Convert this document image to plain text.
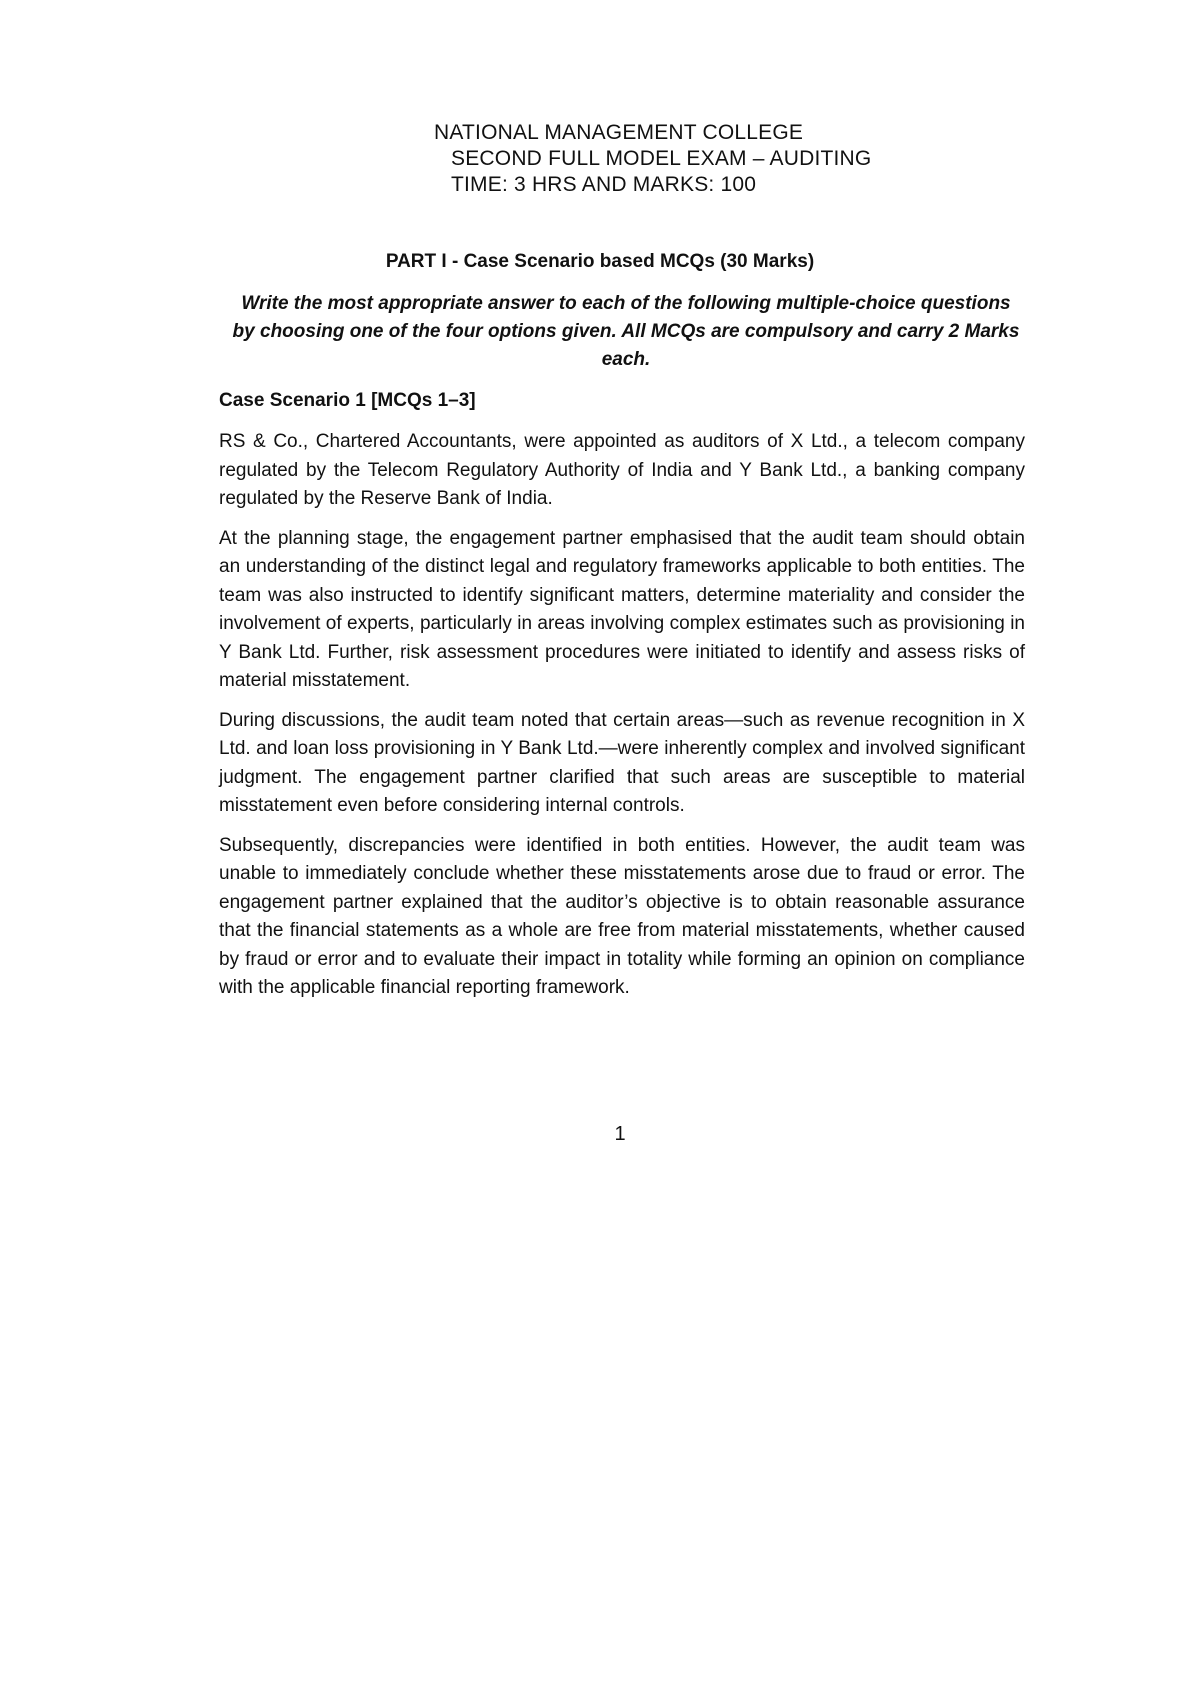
NATIONAL MANAGEMENT COLLEGE
SECOND FULL MODEL EXAM – AUDITING
TIME: 3 HRS AND MARKS: 100
PART I - Case Scenario based MCQs (30 Marks)
Write the most appropriate answer to each of the following multiple-choice questions by choosing one of the four options given. All MCQs are compulsory and carry 2 Marks each.
Case Scenario 1 [MCQs 1–3]

RS & Co., Chartered Accountants, were appointed as auditors of X Ltd., a telecom company regulated by the Telecom Regulatory Authority of India and Y Bank Ltd., a banking company regulated by the Reserve Bank of India.

At the planning stage, the engagement partner emphasised that the audit team should obtain an understanding of the distinct legal and regulatory frameworks applicable to both entities. The team was also instructed to identify significant matters, determine materiality and consider the involvement of experts, particularly in areas involving complex estimates such as provisioning in Y Bank Ltd. Further, risk assessment procedures were initiated to identify and assess risks of material misstatement.

During discussions, the audit team noted that certain areas—such as revenue recognition in X Ltd. and loan loss provisioning in Y Bank Ltd.—were inherently complex and involved significant judgment. The engagement partner clarified that such areas are susceptible to material misstatement even before considering internal controls.

Subsequently, discrepancies were identified in both entities. However, the audit team was unable to immediately conclude whether these misstatements arose due to fraud or error. The engagement partner explained that the auditor’s objective is to obtain reasonable assurance that the financial statements as a whole are free from material misstatements, whether caused by fraud or error and to evaluate their impact in totality while forming an opinion on compliance with the applicable financial reporting framework.

1
